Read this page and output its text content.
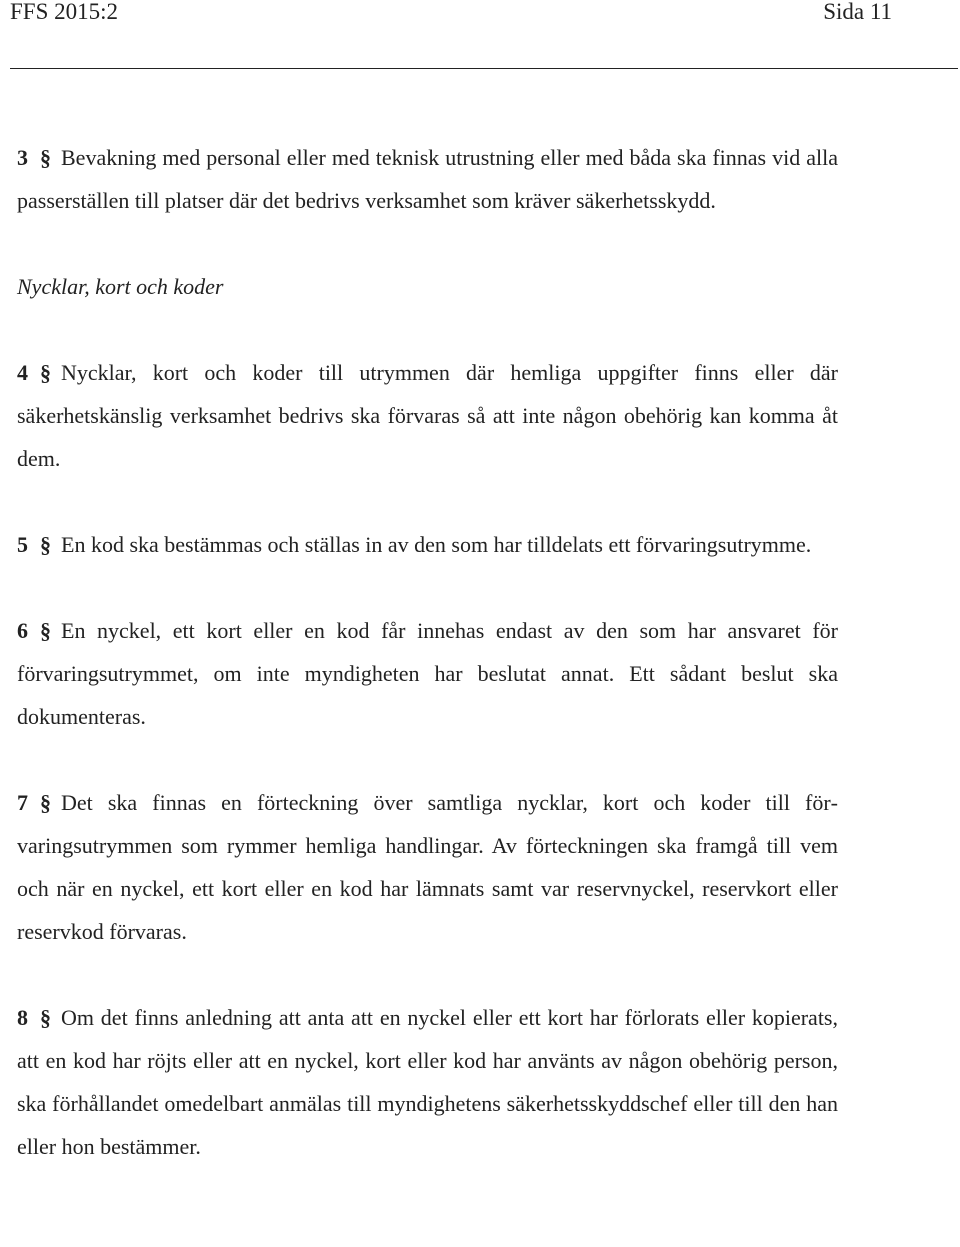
FFS 2015:2	Sida 11

3 § Bevakning med personal eller med teknisk utrustning eller med båda ska finnas vid alla passerställen till platser där det bedrivs verksamhet som kräver säkerhetsskydd.

Nycklar, kort och koder

4 § Nycklar, kort och koder till utrymmen där hemliga uppgifter finns eller där säkerhetskänslig verksamhet bedrivs ska förvaras så att inte någon obehörig kan komma åt dem.

5 § En kod ska bestämmas och ställas in av den som har tilldelats ett förvaringsutrymme.

6 § En nyckel, ett kort eller en kod får innehas endast av den som har ansvaret för förvaringsutrymmet, om inte myndigheten har beslutat annat. Ett sådant beslut ska dokumenteras.

7 § Det ska finnas en förteckning över samtliga nycklar, kort och koder till förvaringsutrymmen som rymmer hemliga handlingar. Av förteckningen ska framgå till vem och när en nyckel, ett kort eller en kod har lämnats samt var reservnyckel, reservkort eller reservkod förvaras.

8 § Om det finns anledning att anta att en nyckel eller ett kort har förlorats eller kopierats, att en kod har röjts eller att en nyckel, kort eller kod har använts av någon obehörig person, ska förhållandet omedelbart anmälas till myndighetens säkerhetsskyddschef eller till den han eller hon bestämmer.
